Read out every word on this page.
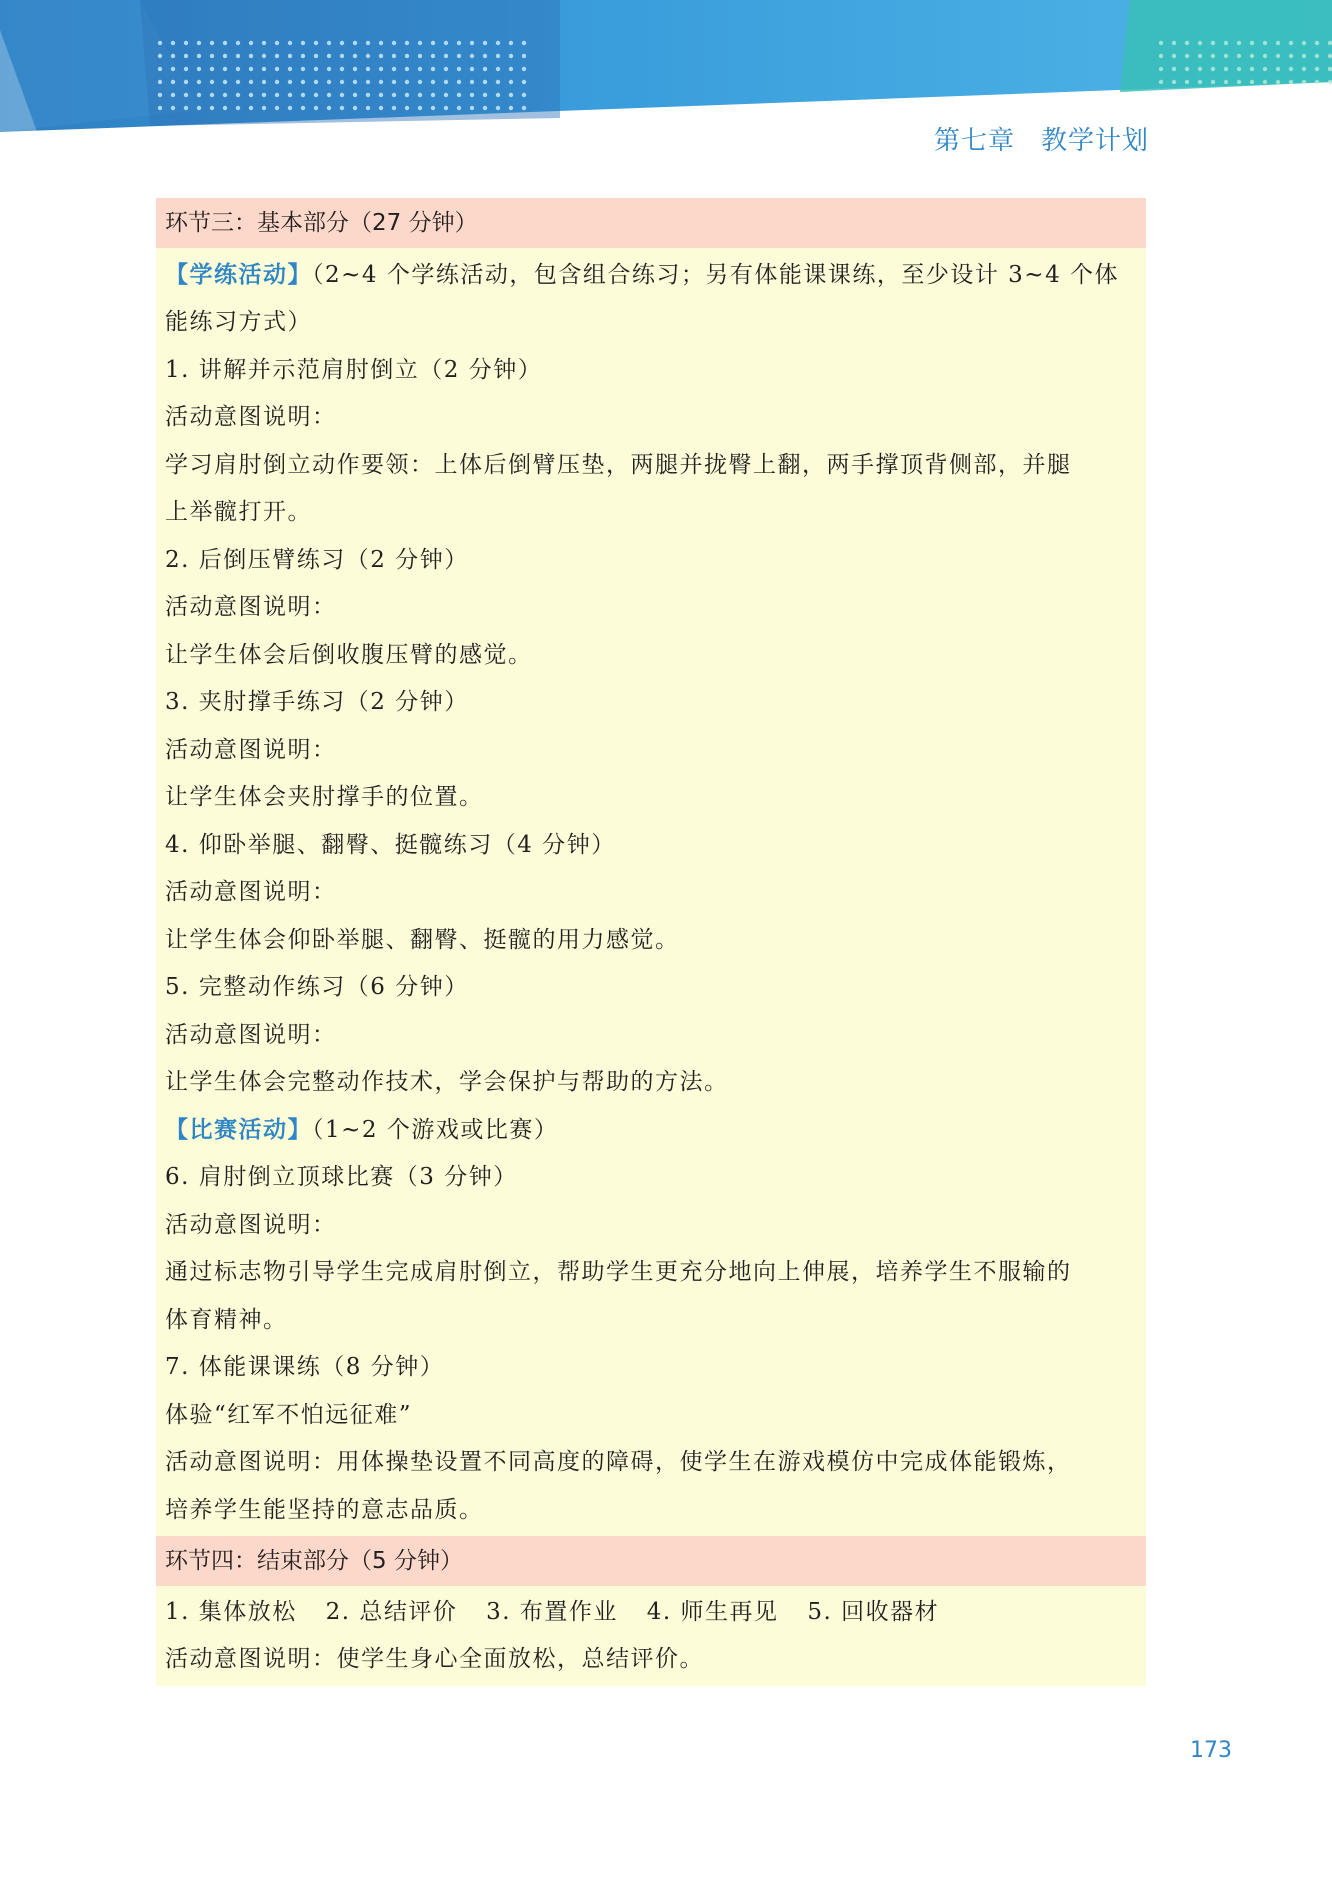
第七章 教学计划
环节三：基本部分（27 分钟）
【学练活动】（2~4 个学练活动，包含组合练习；另有体能课课练，至少设计 3~4 个体
能练习方式）
1. 讲解并示范肩肘倒立（2 分钟）
活动意图说明：
学习肩肘倒立动作要领：上体后倒臂压垫，两腿并拢臀上翻，两手撑顶背侧部，并腿
上举髋打开。
2. 后倒压臂练习（2 分钟）
活动意图说明：
让学生体会后倒收腹压臂的感觉。
3. 夹肘撑手练习（2 分钟）
活动意图说明：
让学生体会夹肘撑手的位置。
4. 仰卧举腿、翻臀、挺髋练习（4 分钟）
活动意图说明：
让学生体会仰卧举腿、翻臀、挺髋的用力感觉。
5. 完整动作练习（6 分钟）
活动意图说明：
让学生体会完整动作技术，学会保护与帮助的方法。
【比赛活动】（1~2 个游戏或比赛）
6. 肩肘倒立顶球比赛（3 分钟）
活动意图说明：
通过标志物引导学生完成肩肘倒立，帮助学生更充分地向上伸展，培养学生不服输的
体育精神。
7. 体能课课练（8 分钟）
体验“红军不怕远征难”
活动意图说明：用体操垫设置不同高度的障碍，使学生在游戏模仿中完成体能锻炼，
培养学生能坚持的意志品质。
环节四：结束部分（5 分钟）
1. 集体放松 2. 总结评价 3. 布置作业 4. 师生再见 5. 回收器材
活动意图说明：使学生身心全面放松，总结评价。
173
